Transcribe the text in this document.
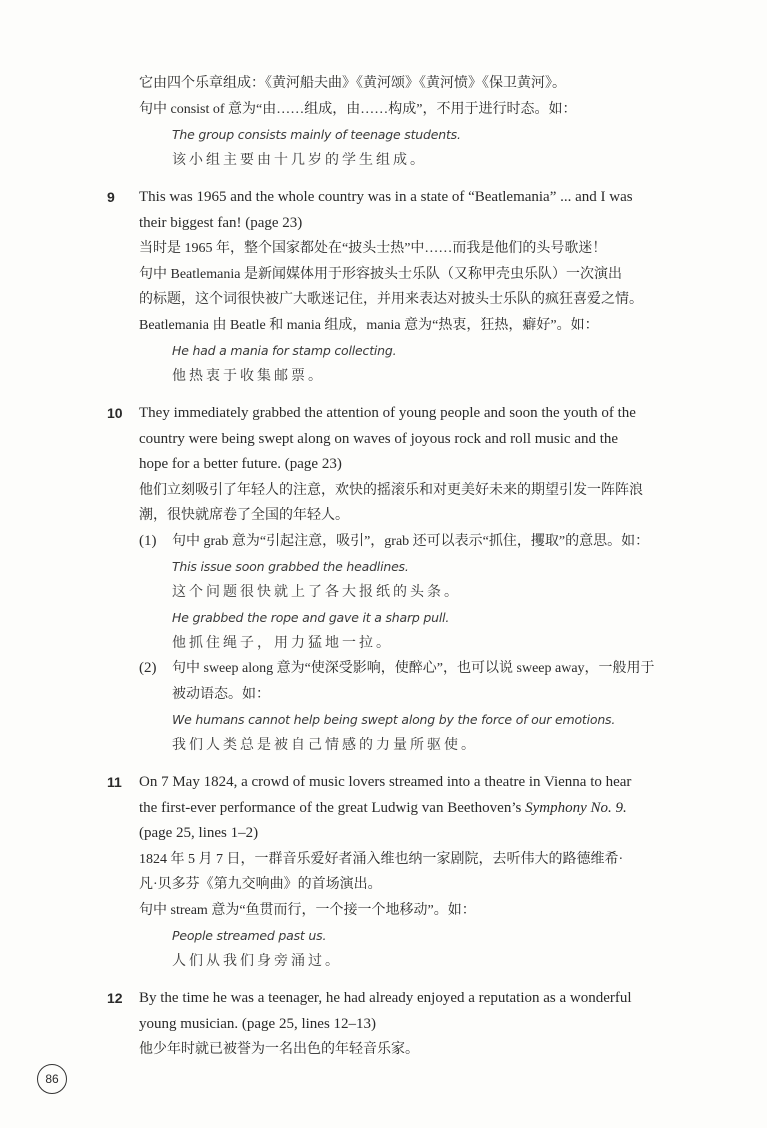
它由四个乐章组成：《黄河船夫曲》《黄河颂》《黄河愤》《保卫黄河》。
句中 consist of 意为“由……组成，由……构成”，不用于进行时态。如：
The group consists mainly of teenage students.
该小组主要由十几岁的学生组成。
9	This was 1965 and the whole country was in a state of “Beatlemania” ... and I was
their biggest fan! (page 23)
当时是 1965 年，整个国家都处在“披头士热”中……而我是他们的头号歌迷！
句中 Beatlemania 是新闻媒体用于形容披头士乐队（又称甲壳虫乐队）一次演出
的标题，这个词很快被广大歌迷记住，并用来表达对披头士乐队的疯狂喜爱之情。
Beatlemania 由 Beatle 和 mania 组成，mania 意为“热衷，狂热，癖好”。如：
He had a mania for stamp collecting.
他热衷于收集邮票。
10	They immediately grabbed the attention of young people and soon the youth of the
country were being swept along on waves of joyous rock and roll music and the
hope for a better future. (page 23)
他们立刻吸引了年轻人的注意，欢快的摇滚乐和对更美好未来的期望引发一阵阵浪
潮，很快就席卷了全国的年轻人。
(1)	句中 grab 意为“引起注意，吸引”，grab 还可以表示“抓住，攫取”的意思。如：
This issue soon grabbed the headlines.
这个问题很快就上了各大报纸的头条。
He grabbed the rope and gave it a sharp pull.
他抓住绳子，用力猛地一拉。
(2)	句中 sweep along 意为“使深受影响，使醉心”，也可以说 sweep away，一般用于
被动语态。如：
We humans cannot help being swept along by the force of our emotions.
我们人类总是被自己情感的力量所驱使。
11	On 7 May 1824, a crowd of music lovers streamed into a theatre in Vienna to hear
the first-ever performance of the great Ludwig van Beethoven’s Symphony No. 9.
(page 25, lines 1–2)
1824 年 5 月 7 日，一群音乐爱好者涌入维也纳一家剧院，去听伟大的路德维希·
凡·贝多芬《第九交响曲》的首场演出。
句中 stream 意为“鱼贯而行，一个接一个地移动”。如：
People streamed past us.
人们从我们身旁涌过。
12	By the time he was a teenager, he had already enjoyed a reputation as a wonderful
young musician. (page 25, lines 12–13)
他少年时就已被誉为一名出色的年轻音乐家。
86
